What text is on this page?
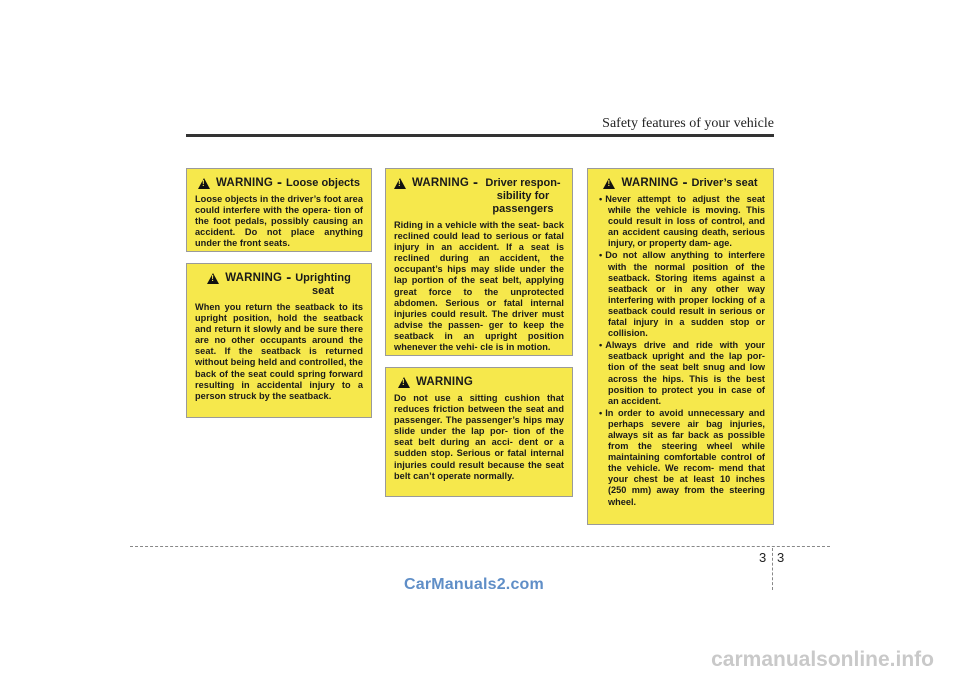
Safety features of your vehicle
!
WARNING - Loose objects
Loose objects in the driver’s foot area could interfere with the opera- tion of the foot pedals, possibly causing an accident. Do not place anything under the front seats.
!
WARNING - Uprighting
seat
When you return the seatback to its upright position, hold the seatback and return it slowly and be sure there are no other occupants around the seat. If the seatback is returned without being held and controlled, the back of the seat could spring forward resulting in accidental injury to a person struck by the seatback.
!
WARNING - Driver respon-
sibility for passengers
Riding in a vehicle with the seat- back reclined could lead to serious or fatal injury in an accident. If a seat is reclined during an accident, the occupant’s hips may slide under the lap portion of the seat belt, applying great force to the unprotected abdomen. Serious or fatal internal injuries could result. The driver must advise the passen- ger to keep the seatback in an upright position whenever the vehi- cle is in motion.
!
WARNING
Do not use a sitting cushion that reduces friction between the seat and passenger. The passenger’s hips may slide under the lap por- tion of the seat belt during an acci- dent or a sudden stop. Serious or fatal internal injuries could result because the seat belt can’t operate normally.
!
WARNING - Driver’s seat
• Never attempt to adjust the seat while the vehicle is moving. This could result in loss of control, and an accident causing death, serious injury, or property dam- age.
• Do not allow anything to interfere with the normal position of the seatback. Storing items against a seatback or in any other way interfering with proper locking of a seatback could result in serious or fatal injury in a sudden stop or collision.
• Always drive and ride with your seatback upright and the lap por- tion of the seat belt snug and low across the hips. This is the best position to protect you in case of an accident.
• In order to avoid unnecessary and perhaps severe air bag injuries, always sit as far back as possible from the steering wheel while maintaining comfortable control of the vehicle. We recom- mend that your chest be at least 10 inches (250 mm) away from the steering wheel.
3 3
CarManuals2.com
carmanualsonline.info
